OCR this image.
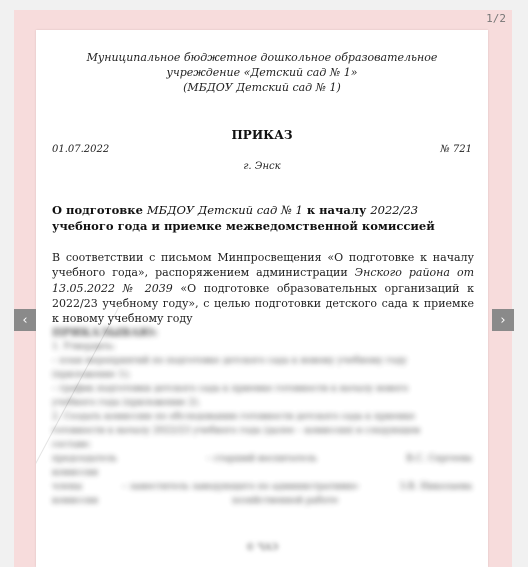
1/2
Муниципальное бюджетное дошкольное образовательное
учреждение «Детский сад № 1»
(МБДОУ Детский сад № 1)
ПРИКАЗ
01.07.2022	№ 721
г. Энск
О подготовке МБДОУ Детский сад № 1 к началу 2022/23 учебного года и приемке межведомственной комиссией
В соответствии с письмом Минпросвещения «О подготовке к началу учебного года», распоряжением администрации Энского района от 13.05.2022 № 2039 «О подготовке образовательных организаций к 2022/23 учебному году», с целью подготовки детского сада к приемке к новому учебному году
ПРИКАЗЫВАЮ:
1. Утвердить:
– план мероприятий по подготовке детского сада к новому учебному году
(приложение 1);
– график подготовки детского сада к приемке готовности к началу нового
учебного года (приложение 2).
2. Создать комиссию по обследованию готовности детского сада к приемке
готовности к началу 2022/23 учебного года (далее – комиссия) в следующем
составе:
председатель	– старший воспитатель	В.С. Сергеева
комиссии
члены	– заместитель заведующего по административно-	З.В. Николаева
комиссии	хозяйственной работе
© ЧАЭ
‹	›
